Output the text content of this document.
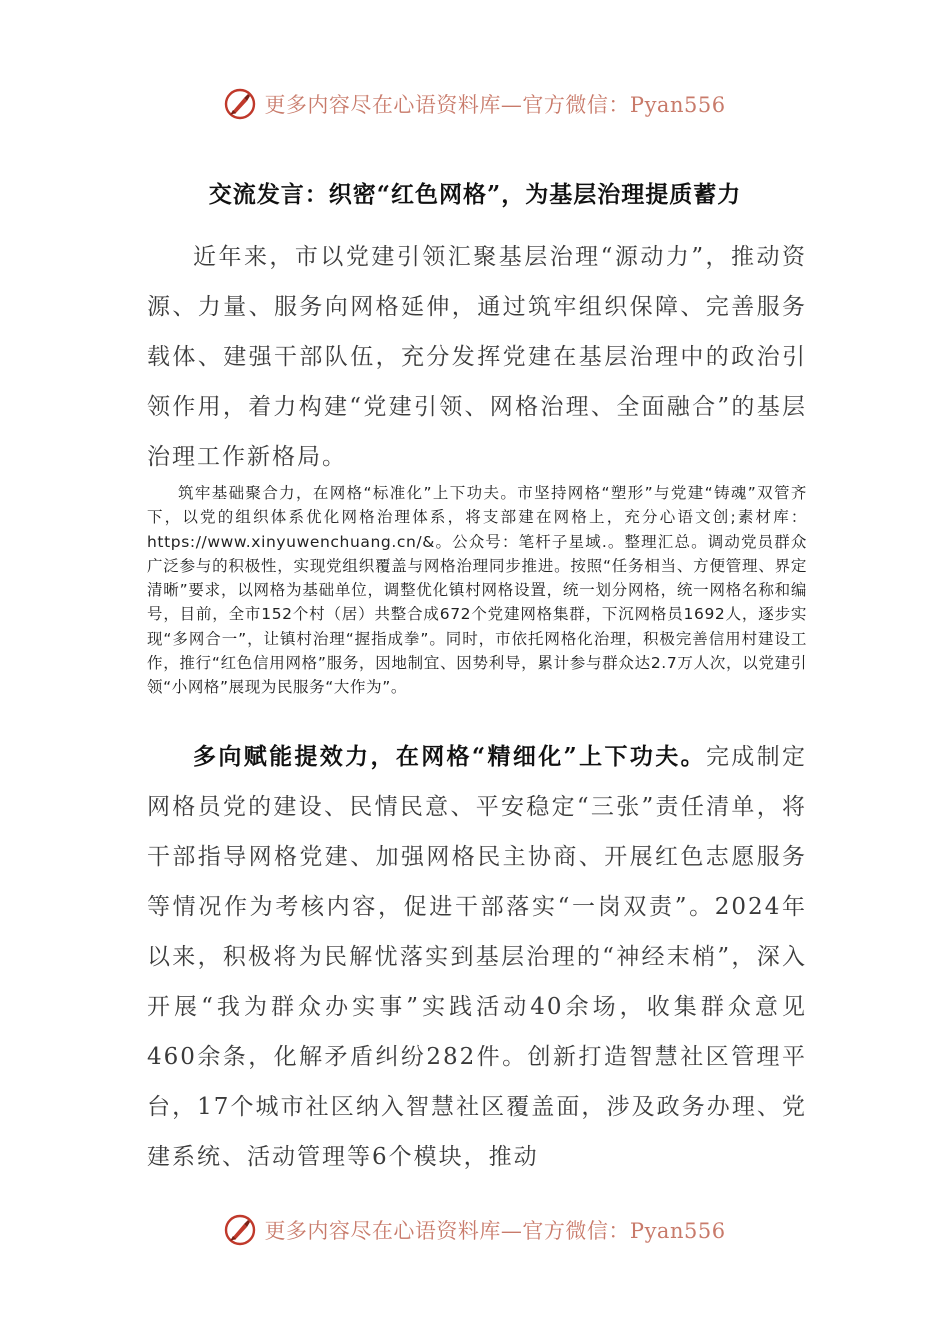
更多内容尽在心语资料库—官方微信：Pyan556
交流发言：织密“红色网格”，为基层治理提质蓄力

近年来，市以党建引领汇聚基层治理“源动力”，推动资源、力量、服务向网格延伸，通过筑牢组织保障、完善服务载体、建强干部队伍，充分发挥党建在基层治理中的政治引领作用，着力构建“党建引领、网格治理、全面融合”的基层治理工作新格局。

筑牢基础聚合力，在网格“标准化”上下功夫。市坚持网格“塑形”与党建“铸魂”双管齐下，以党的组织体系优化网格治理体系，将支部建在网格上，充分心语文创;素材库：https://www.xinyuwenchuang.cn/&。公众号：笔杆子星域.。整理汇总。调动党员群众广泛参与的积极性，实现党组织覆盖与网格治理同步推进。按照“任务相当、方便管理、界定清晰”要求，以网格为基础单位，调整优化镇村网格设置，统一划分网格，统一网格名称和编号，目前，全市152个村（居）共整合成672个党建网格集群，下沉网格员1692人，逐步实现“多网合一”，让镇村治理“握指成拳”。同时，市依托网格化治理，积极完善信用村建设工作，推行“红色信用网格”服务，因地制宜、因势利导，累计参与群众达2.7万人次，以党建引领“小网格”展现为民服务“大作为”。

多向赋能提效力，在网格“精细化”上下功夫。完成制定网格员党的建设、民情民意、平安稳定“三张”责任清单，将干部指导网格党建、加强网格民主协商、开展红色志愿服务等情况作为考核内容，促进干部落实“一岗双责”。2024年以来，积极将为民解忧落实到基层治理的“神经末梢”，深入开展“我为群众办实事”实践活动40余场，收集群众意见460余条，化解矛盾纠纷282件。创新打造智慧社区管理平台，17个城市社区纳入智慧社区覆盖面，涉及政务办理、党建系统、活动管理等6个模块，推动

更多内容尽在心语资料库—官方微信：Pyan556
